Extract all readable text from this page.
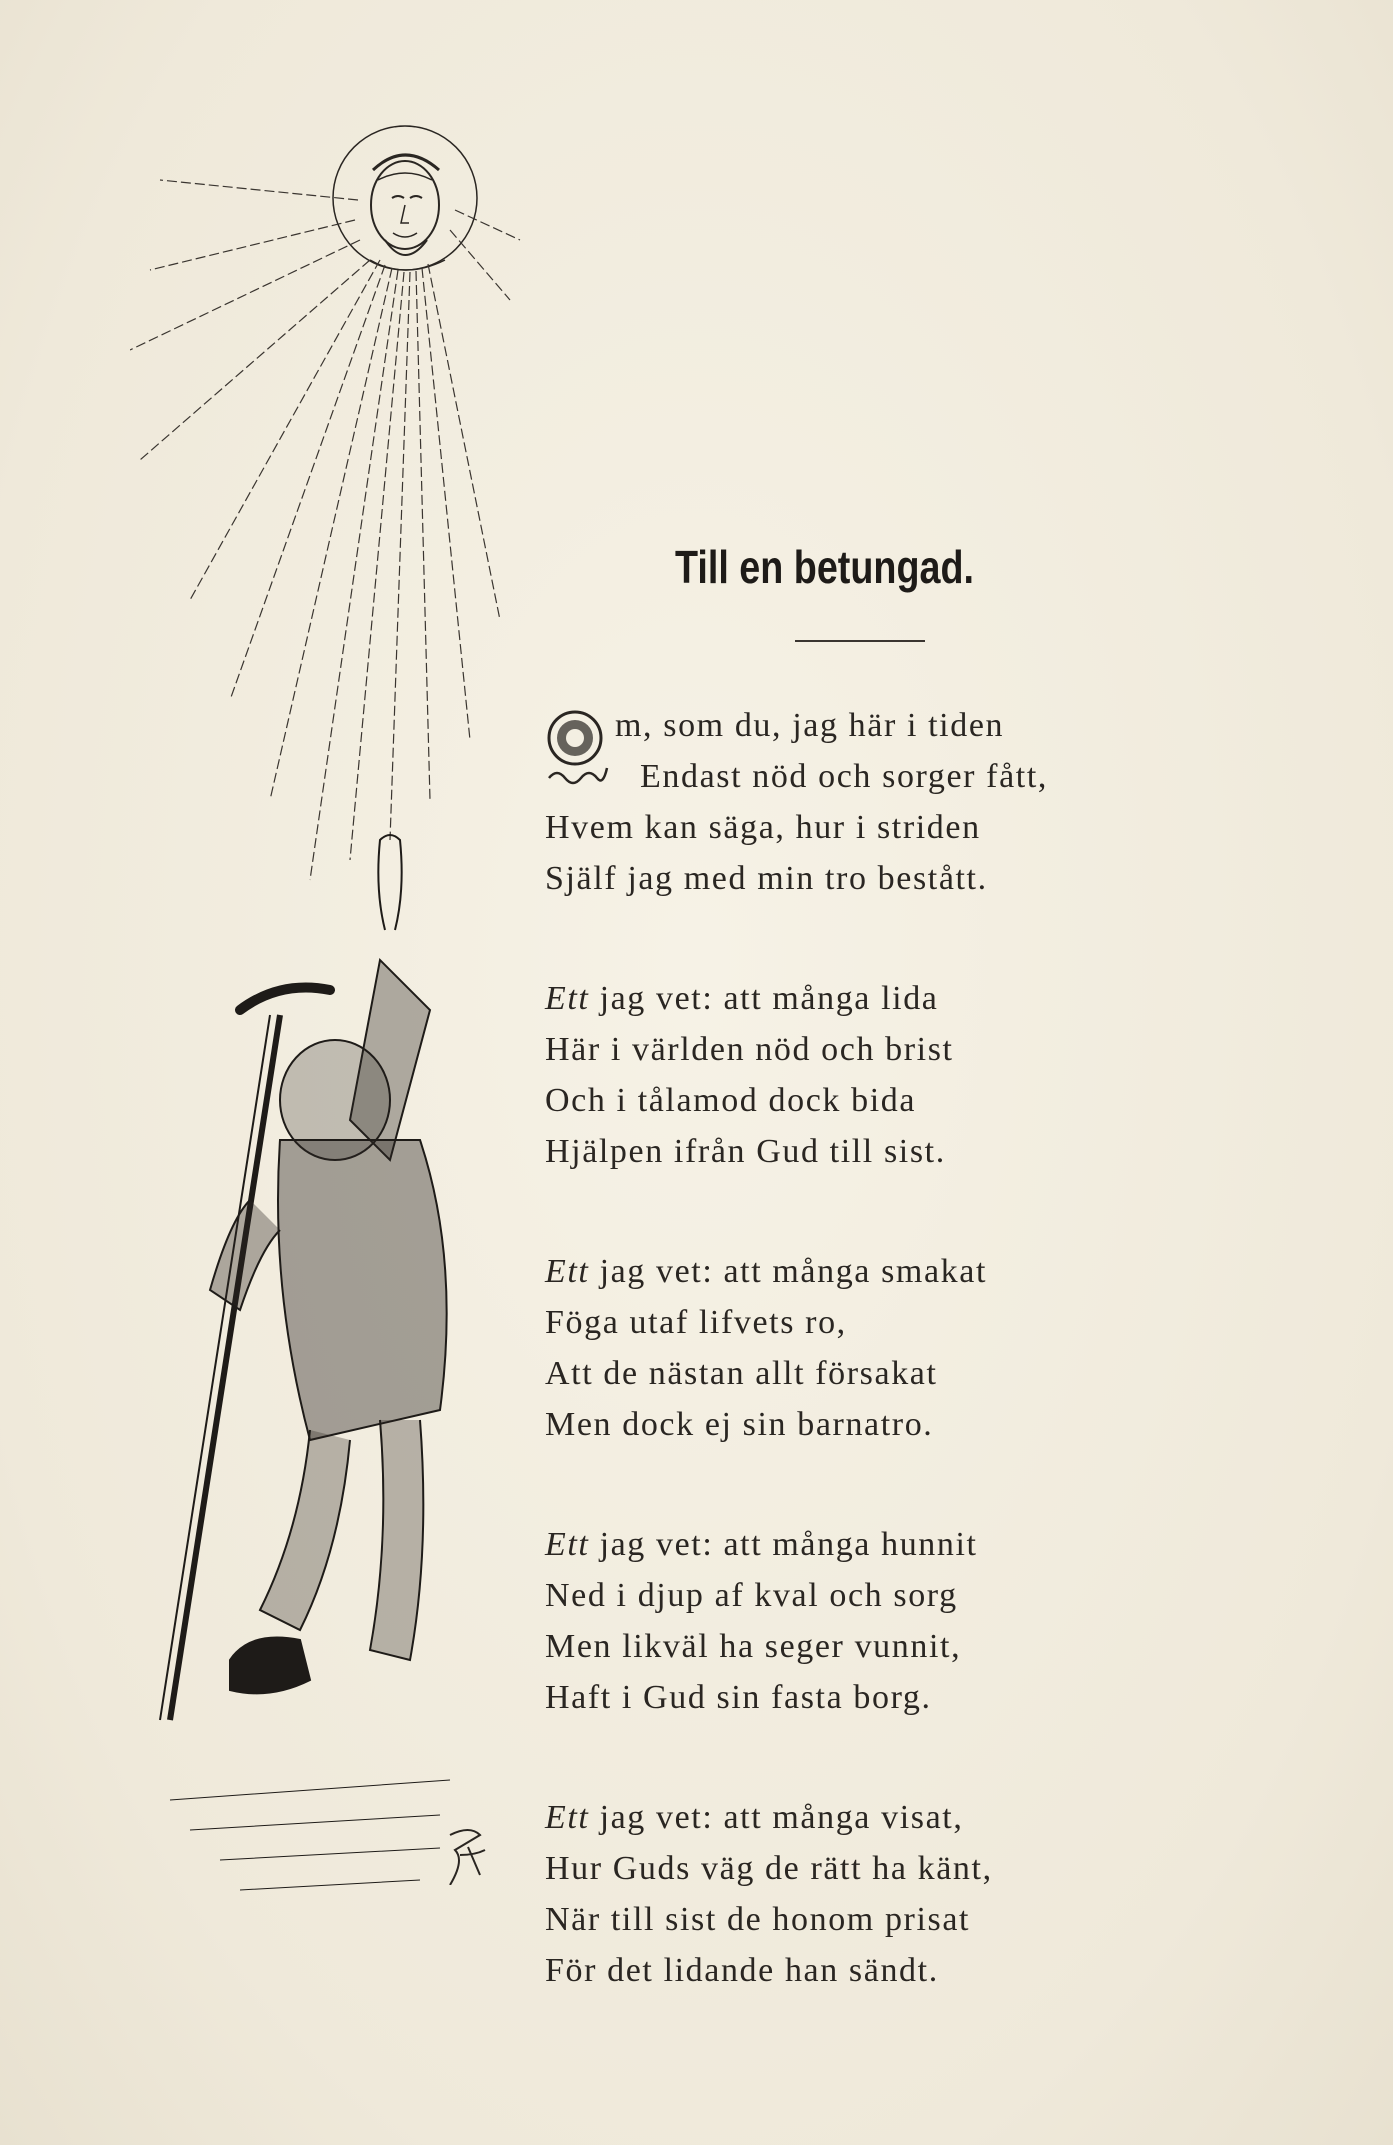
Till en betungad.
m, som du, jag här i tiden
Endast nöd och sorger fått,
Hvem kan säga, hur i striden
Själf jag med min tro bestått.
Ett jag vet: att många lida
Här i världen nöd och brist
Och i tålamod dock bida
Hjälpen ifrån Gud till sist.
Ett jag vet: att många smakat
Föga utaf lifvets ro,
Att de nästan allt försakat
Men dock ej sin barnatro.
Ett jag vet: att många hunnit
Ned i djup af kval och sorg
Men likväl ha seger vunnit,
Haft i Gud sin fasta borg.
Ett jag vet: att många visat,
Hur Guds väg de rätt ha känt,
När till sist de honom prisat
För det lidande han sändt.
